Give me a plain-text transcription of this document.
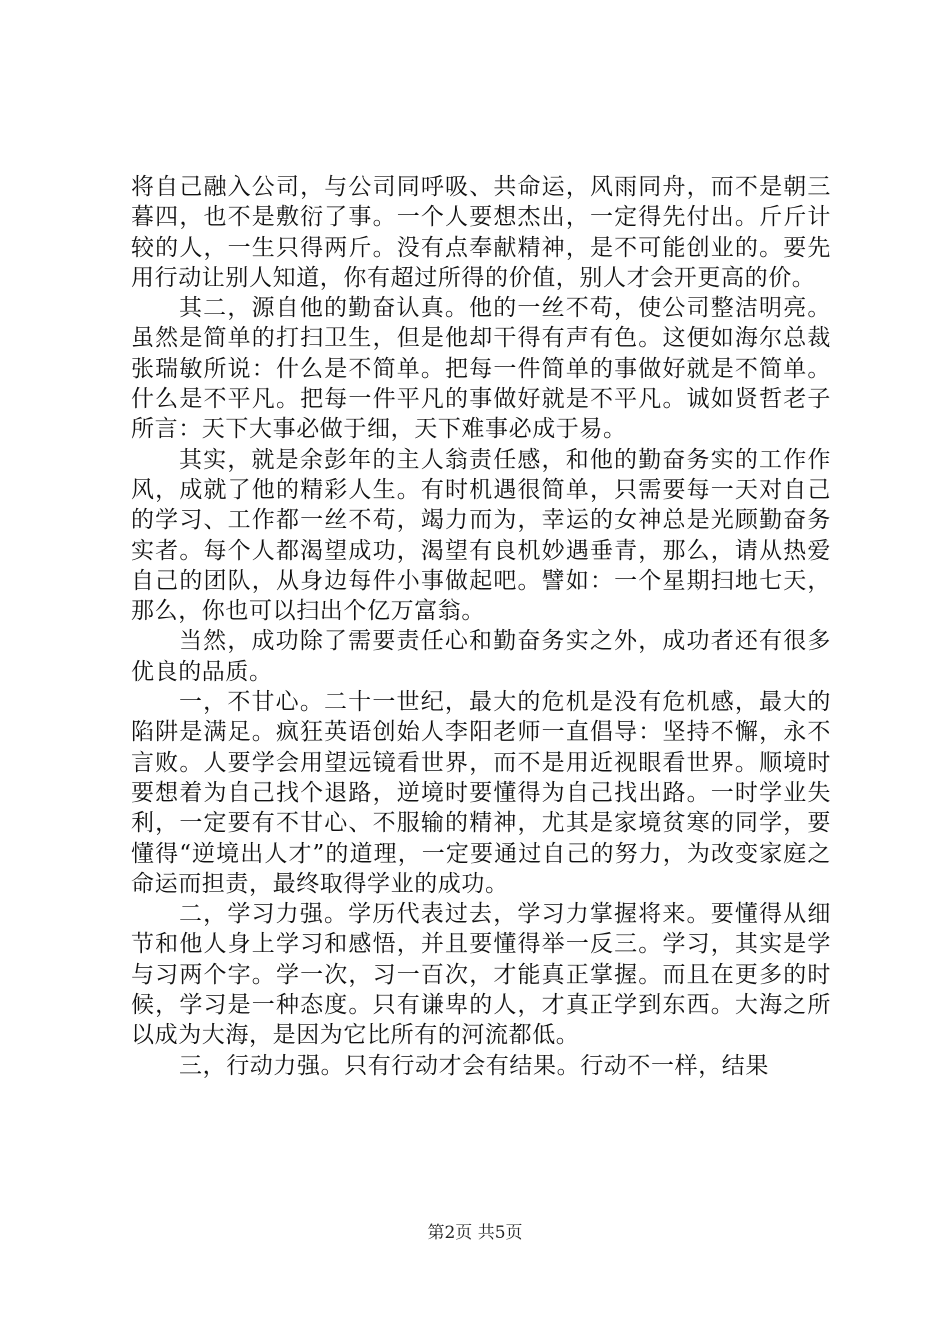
将自己融入公司，与公司同呼吸、共命运，风雨同舟，而不是朝三暮四，也不是敷衍了事。一个人要想杰出，一定得先付出。斤斤计较的人，一生只得两斤。没有点奉献精神，是不可能创业的。要先用行动让别人知道，你有超过所得的价值，别人才会开更高的价。

其二，源自他的勤奋认真。他的一丝不苟，使公司整洁明亮。虽然是简单的打扫卫生，但是他却干得有声有色。这便如海尔总裁张瑞敏所说：什么是不简单。把每一件简单的事做好就是不简单。什么是不平凡。把每一件平凡的事做好就是不平凡。诚如贤哲老子所言：天下大事必做于细，天下难事必成于易。

其实，就是余彭年的主人翁责任感，和他的勤奋务实的工作作风，成就了他的精彩人生。有时机遇很简单，只需要每一天对自己的学习、工作都一丝不苟，竭力而为，幸运的女神总是光顾勤奋务实者。每个人都渴望成功，渴望有良机妙遇垂青，那么，请从热爱自己的团队，从身边每件小事做起吧。譬如：一个星期扫地七天，那么，你也可以扫出个亿万富翁。

当然，成功除了需要责任心和勤奋务实之外，成功者还有很多优良的品质。

一，不甘心。二十一世纪，最大的危机是没有危机感，最大的陷阱是满足。疯狂英语创始人李阳老师一直倡导：坚持不懈，永不言败。人要学会用望远镜看世界，而不是用近视眼看世界。顺境时要想着为自己找个退路，逆境时要懂得为自己找出路。一时学业失利，一定要有不甘心、不服输的精神，尤其是家境贫寒的同学，要懂得“逆境出人才”的道理，一定要通过自己的努力，为改变家庭之命运而担责，最终取得学业的成功。

二，学习力强。学历代表过去，学习力掌握将来。要懂得从细节和他人身上学习和感悟，并且要懂得举一反三。学习，其实是学与习两个字。学一次，习一百次，才能真正掌握。而且在更多的时候，学习是一种态度。只有谦卑的人，才真正学到东西。大海之所以成为大海，是因为它比所有的河流都低。

三，行动力强。只有行动才会有结果。行动不一样，结果

第2页 共5页
